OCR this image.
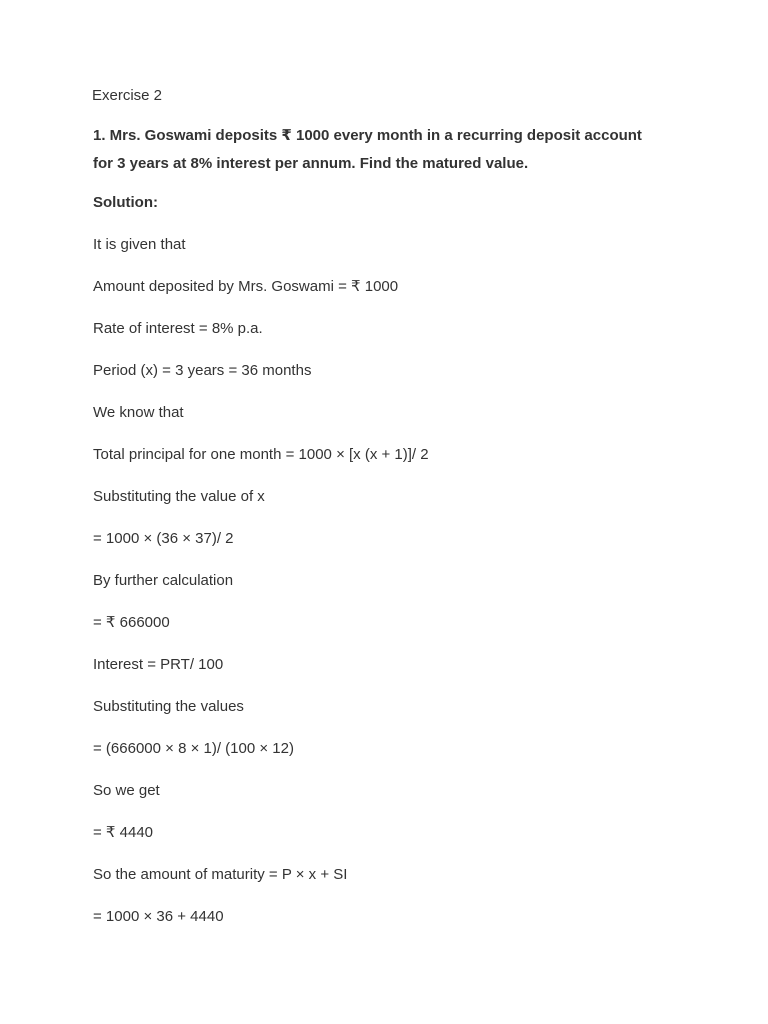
Exercise 2

1. Mrs. Goswami deposits ₹ 1000 every month in a recurring deposit account
for 3 years at 8% interest per annum. Find the matured value.

Solution:

It is given that

Amount deposited by Mrs. Goswami = ₹ 1000

Rate of interest = 8% p.a.

Period (x) = 3 years = 36 months

We know that

Total principal for one month = 1000 × [x (x + 1)]/ 2

Substituting the value of x

= 1000 × (36 × 37)/ 2

By further calculation

= ₹ 666000

Interest = PRT/ 100

Substituting the values

= (666000 × 8 × 1)/ (100 × 12)

So we get

= ₹ 4440

So the amount of maturity = P × x + SI

= 1000 × 36 + 4440
